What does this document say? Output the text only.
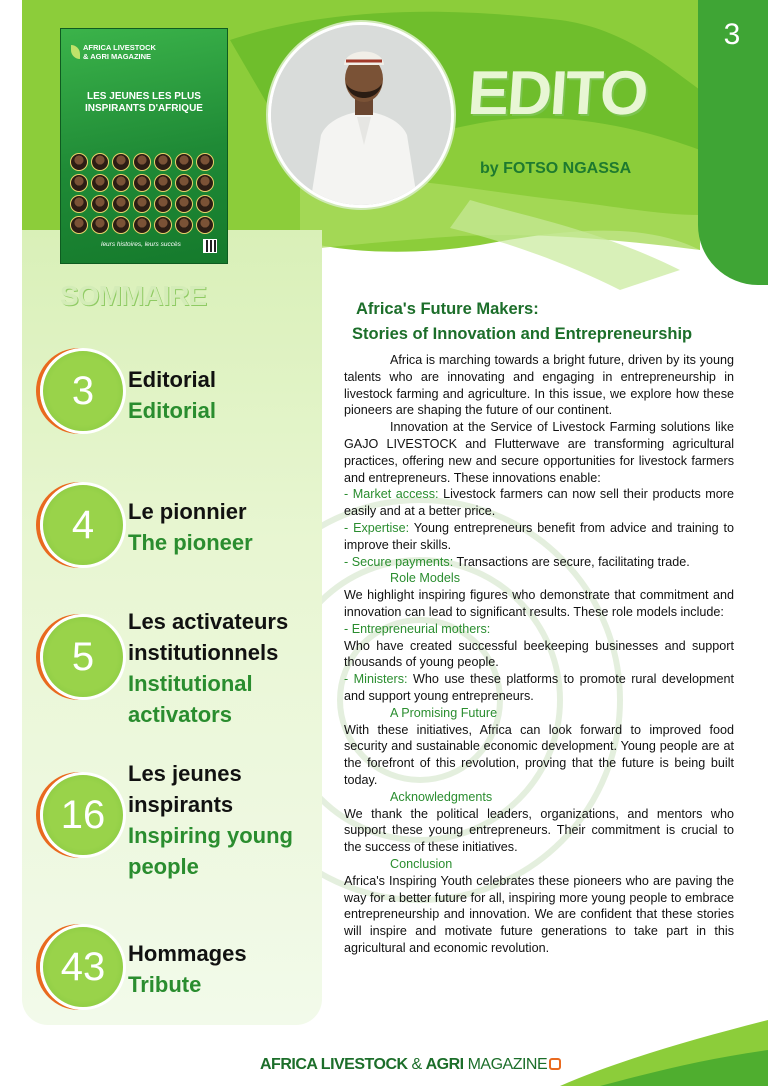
3
AFRICA LIVESTOCK
& AGRI MAGAZINE
LES JEUNES LES PLUS
INSPIRANTS D'AFRIQUE
leurs histoires, leurs succès
EDITO
by FOTSO NGASSA
SOMMAIRE
3	Editorial
Editorial
4	Le pionnier
The pioneer
5
Les activateurs institutionnels
Institutional activators
16
Les jeunes inspirants
Inspiring young people
43	Hommages
Tribute
Africa's Future Makers:
Stories of Innovation and Entrepreneurship

Africa is marching towards a bright future, driven by its young talents who are innovating and engaging in entrepreneurship in livestock farming and agriculture. In this issue, we explore how these pioneers are shaping the future of our continent.

Innovation at the Service of Livestock Farming solutions like GAJO LIVESTOCK and Flutterwave are transforming agricultural practices, offering new and secure opportunities for livestock farmers and entrepreneurs. These innovations enable:

- Market access: Livestock farmers can now sell their products more easily and at a better price.

- Expertise: Young entrepreneurs benefit from advice and training to improve their skills.

- Secure payments: Transactions are secure, facilitating trade.

Role Models

We highlight inspiring figures who demonstrate that commitment and innovation can lead to significant results. These role models include:

- Entrepreneurial mothers:

Who have created successful beekeeping businesses and support thousands of young people.

- Ministers: Who use these platforms to promote rural development and support young entrepreneurs.

A Promising Future

With these initiatives, Africa can look forward to improved food security and sustainable economic development. Young people are at the forefront of this revolution, proving that the future is being built today.

Acknowledgments

We thank the political leaders, organizations, and mentors who support these young entrepreneurs. Their commitment is crucial to the success of these initiatives.

Conclusion

Africa's Inspiring Youth celebrates these pioneers who are paving the way for a better future for all, inspiring more young people to embrace entrepreneurship and innovation. We are confident that these stories will inspire and motivate future generations to take part in this agricultural and economic revolution.

AFRICA LIVESTOCK & AGRI MAGAZINE
